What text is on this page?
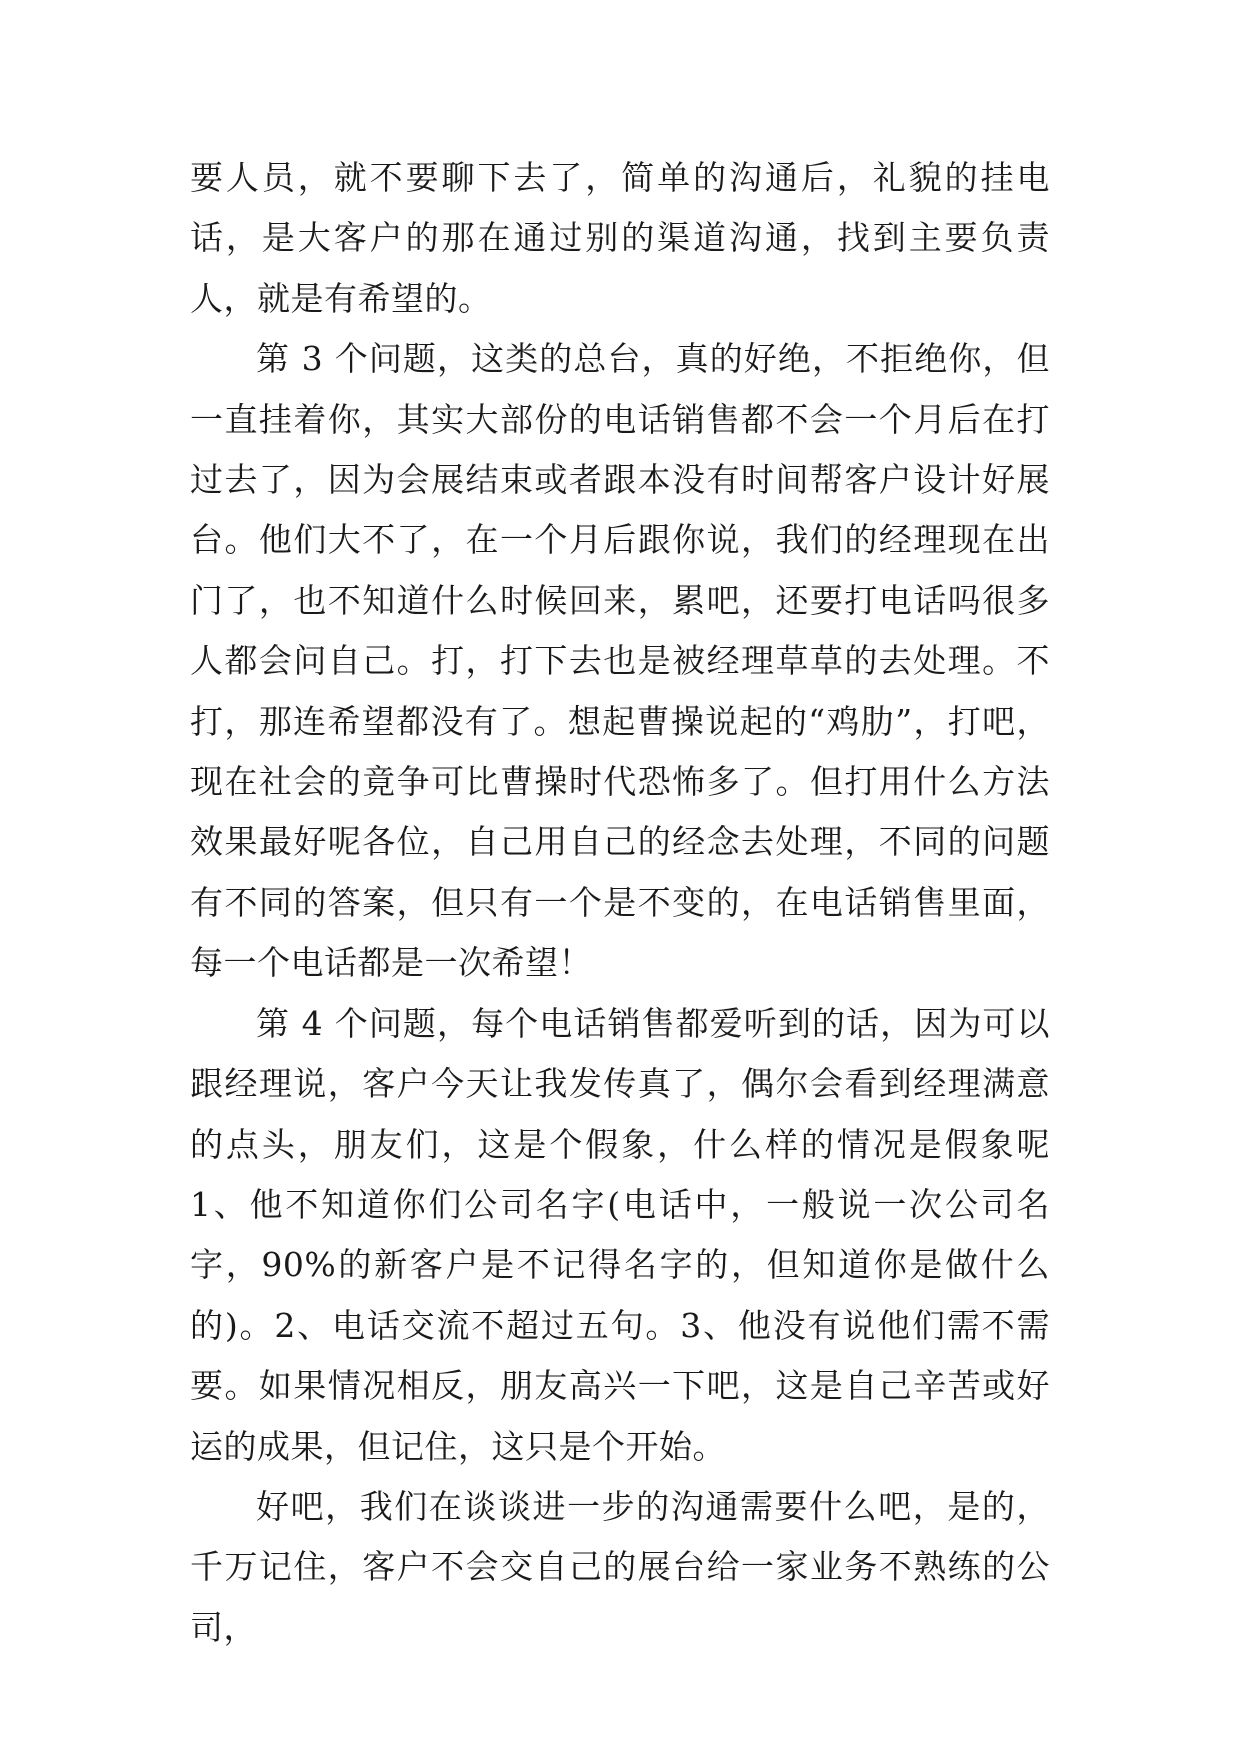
要人员，就不要聊下去了，简单的沟通后，礼貌的挂电话，是大客户的那在通过别的渠道沟通，找到主要负责人，就是有希望的。

第 3 个问题，这类的总台，真的好绝，不拒绝你，但一直挂着你，其实大部份的电话销售都不会一个月后在打过去了，因为会展结束或者跟本没有时间帮客户设计好展台。他们大不了，在一个月后跟你说，我们的经理现在出门了，也不知道什么时候回来，累吧，还要打电话吗很多人都会问自己。打，打下去也是被经理草草的去处理。不打，那连希望都没有了。想起曹操说起的“鸡肋”，打吧，现在社会的竟争可比曹操时代恐怖多了。但打用什么方法效果最好呢各位，自己用自己的经念去处理，不同的问题有不同的答案，但只有一个是不变的，在电话销售里面，每一个电话都是一次希望！

第 4 个问题，每个电话销售都爱听到的话，因为可以跟经理说，客户今天让我发传真了，偶尔会看到经理满意的点头，朋友们，这是个假象，什么样的情况是假象呢 1、他不知道你们公司名字(电话中，一般说一次公司名字，90%的新客户是不记得名字的，但知道你是做什么的)。2、电话交流不超过五句。3、他没有说他们需不需要。如果情况相反，朋友高兴一下吧，这是自己辛苦或好运的成果，但记住，这只是个开始。

好吧，我们在谈谈进一步的沟通需要什么吧，是的，千万记住，客户不会交自己的展台给一家业务不熟练的公司，
